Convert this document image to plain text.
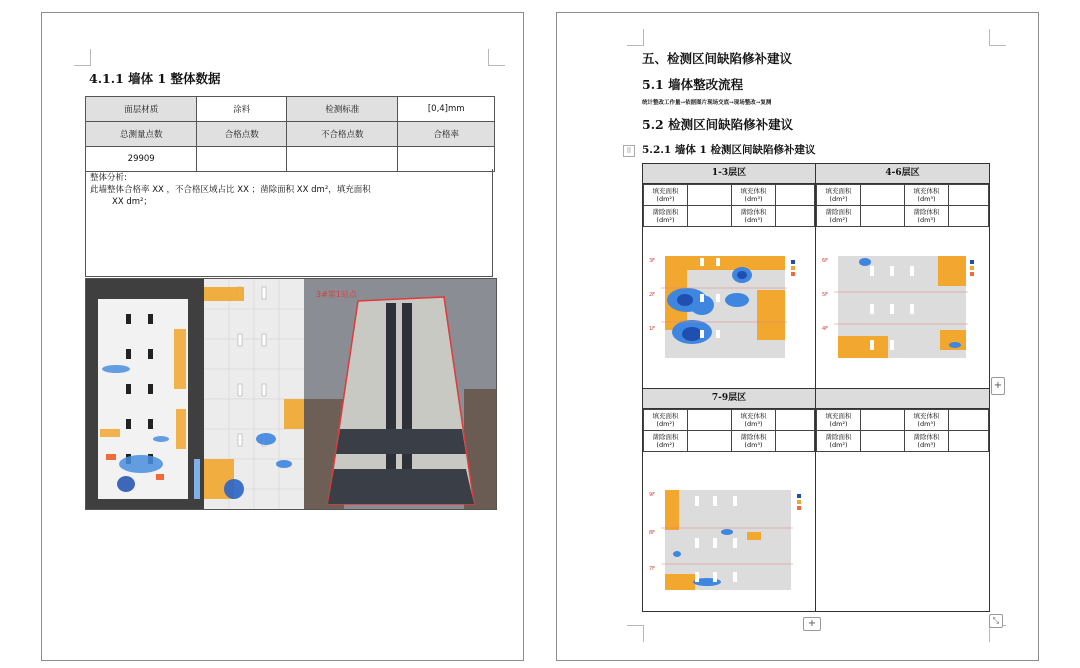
4.1.1 墙体 1 整体数据
面层材质	涂料	检测标准	[0,4]mm
总测量点数	合格点数	不合格点数	合格率
29909			
整体分析:
此墙整体合格率 XX ，不合格区域占比 XX ；凿除面积 XX dm²，填充面积
XX dm²；
3#第1站点
五、检测区间缺陷修补建议
5.1 墙体整改流程
统计整改工作量→依据图片现场交底→现场整改→复测
5.2 检测区间缺陷修补建议
⠿ 5.2.1 墙体 1 检测区间缺陷修补建议
1-3层区	4-6层区
填充面积(dm²)		填充体积(dm³)	
凿除面积(dm²)		凿除体积(dm³)	
填充面积(dm²)		填充体积(dm³)	
凿除面积(dm²)		凿除体积(dm³)	
3F
2F
1F
6F
5F
4F
7-9层区
填充面积(dm²)		填充体积(dm³)	
凿除面积(dm²)		凿除体积(dm³)	
填充面积(dm²)		填充体积(dm³)	
凿除面积(dm²)		凿除体积(dm³)	
9F
8F
7F
+
+
⤡
